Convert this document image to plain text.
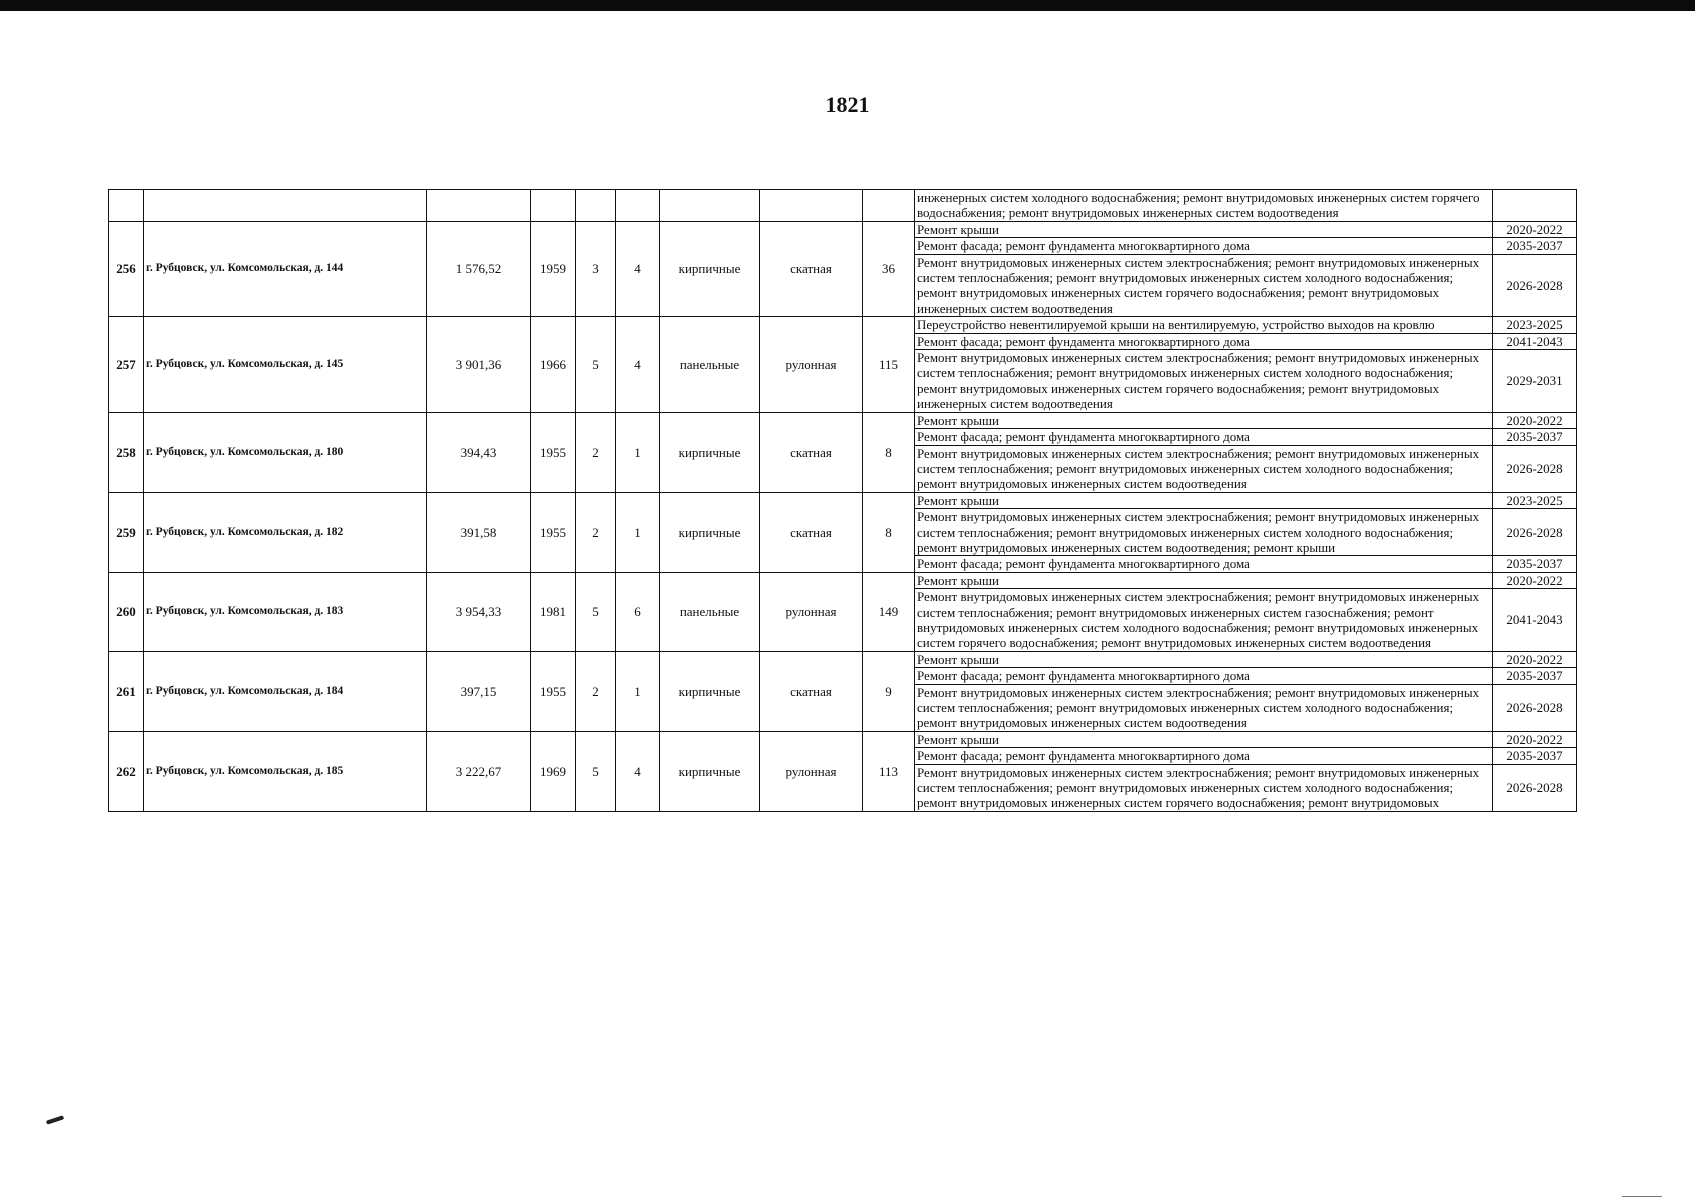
1821
									инженерных систем холодного водоснабжения; ремонт внутридомовых инженерных систем горячего водоснабжения; ремонт внутридомовых инженерных систем водоотведения	
256	г. Рубцовск, ул. Комсомольская, д. 144	1 576,52	1959	3	4	кирпичные	скатная	36	Ремонт крыши	2020-2022
									Ремонт фасада; ремонт фундамента многоквартирного дома	2035-2037
									Ремонт внутридомовых инженерных систем электроснабжения; ремонт внутридомовых инженерных систем теплоснабжения; ремонт внутридомовых инженерных систем холодного водоснабжения; ремонт внутридомовых инженерных систем горячего водоснабжения; ремонт внутридомовых инженерных систем водоотведения	2026-2028
257	г. Рубцовск, ул. Комсомольская, д. 145	3 901,36	1966	5	4	панельные	рулонная	115	Переустройство невентилируемой крыши на вентилируемую, устройство выходов на кровлю	2023-2025
									Ремонт фасада; ремонт фундамента многоквартирного дома	2041-2043
									Ремонт внутридомовых инженерных систем электроснабжения; ремонт внутридомовых инженерных систем теплоснабжения; ремонт внутридомовых инженерных систем холодного водоснабжения; ремонт внутридомовых инженерных систем горячего водоснабжения; ремонт внутридомовых инженерных систем водоотведения	2029-2031
258	г. Рубцовск, ул. Комсомольская, д. 180	394,43	1955	2	1	кирпичные	скатная	8	Ремонт крыши	2020-2022
									Ремонт фасада; ремонт фундамента многоквартирного дома	2035-2037
									Ремонт внутридомовых инженерных систем электроснабжения; ремонт внутридомовых инженерных систем теплоснабжения; ремонт внутридомовых инженерных систем холодного водоснабжения; ремонт внутридомовых инженерных систем водоотведения	2026-2028
259	г. Рубцовск, ул. Комсомольская, д. 182	391,58	1955	2	1	кирпичные	скатная	8	Ремонт крыши	2023-2025
									Ремонт внутридомовых инженерных систем электроснабжения; ремонт внутридомовых инженерных систем теплоснабжения; ремонт внутридомовых инженерных систем холодного водоснабжения; ремонт внутридомовых инженерных систем водоотведения; ремонт крыши	2026-2028
									Ремонт фасада; ремонт фундамента многоквартирного дома	2035-2037
260	г. Рубцовск, ул. Комсомольская, д. 183	3 954,33	1981	5	6	панельные	рулонная	149	Ремонт крыши	2020-2022
									Ремонт внутридомовых инженерных систем электроснабжения; ремонт внутридомовых инженерных систем теплоснабжения; ремонт внутридомовых инженерных систем газоснабжения; ремонт внутридомовых инженерных систем холодного водоснабжения; ремонт внутридомовых инженерных систем горячего водоснабжения; ремонт внутридомовых инженерных систем водоотведения	2041-2043
261	г. Рубцовск, ул. Комсомольская, д. 184	397,15	1955	2	1	кирпичные	скатная	9	Ремонт крыши	2020-2022
									Ремонт фасада; ремонт фундамента многоквартирного дома	2035-2037
									Ремонт внутридомовых инженерных систем электроснабжения; ремонт внутридомовых инженерных систем теплоснабжения; ремонт внутридомовых инженерных систем холодного водоснабжения; ремонт внутридомовых инженерных систем водоотведения	2026-2028
262	г. Рубцовск, ул. Комсомольская, д. 185	3 222,67	1969	5	4	кирпичные	рулонная	113	Ремонт крыши	2020-2022
									Ремонт фасада; ремонт фундамента многоквартирного дома	2035-2037
									Ремонт внутридомовых инженерных систем электроснабжения; ремонт внутридомовых инженерных систем теплоснабжения; ремонт внутридомовых инженерных систем холодного водоснабжения; ремонт внутридомовых инженерных систем горячего водоснабжения; ремонт внутридомовых	2026-2028
